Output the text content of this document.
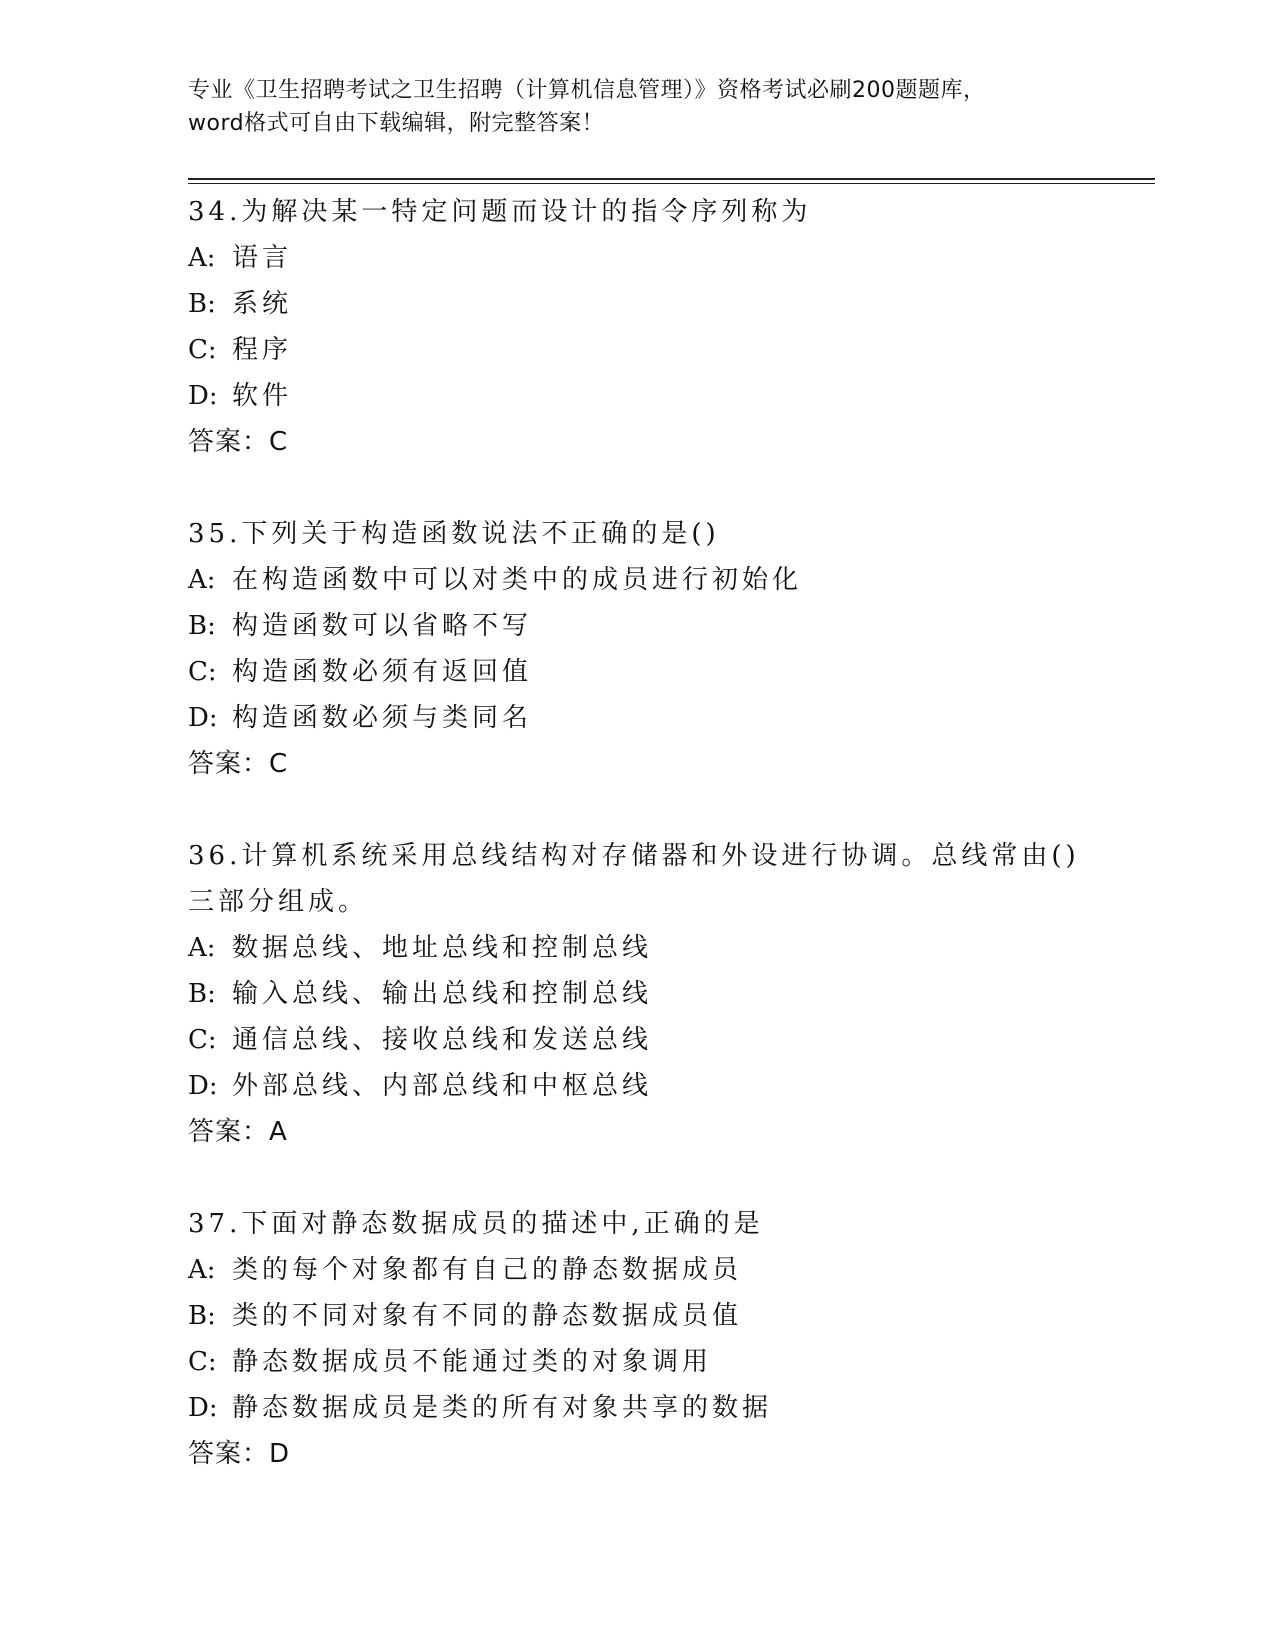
专业《卫生招聘考试之卫生招聘（计算机信息管理）》资格考试必刷200题题库，
word格式可自由下载编辑，附完整答案！

34.为解决某一特定问题而设计的指令序列称为

A: 语言

B: 系统

C: 程序

D: 软件

答案：C

35.下列关于构造函数说法不正确的是()

A: 在构造函数中可以对类中的成员进行初始化

B: 构造函数可以省略不写

C: 构造函数必须有返回值

D: 构造函数必须与类同名

答案：C

36.计算机系统采用总线结构对存储器和外设进行协调。总线常由()三部分组成。

A: 数据总线、地址总线和控制总线

B: 输入总线、输出总线和控制总线

C: 通信总线、接收总线和发送总线

D: 外部总线、内部总线和中枢总线

答案：A

37.下面对静态数据成员的描述中,正确的是

A: 类的每个对象都有自己的静态数据成员

B: 类的不同对象有不同的静态数据成员值

C: 静态数据成员不能通过类的对象调用

D: 静态数据成员是类的所有对象共享的数据

答案：D
